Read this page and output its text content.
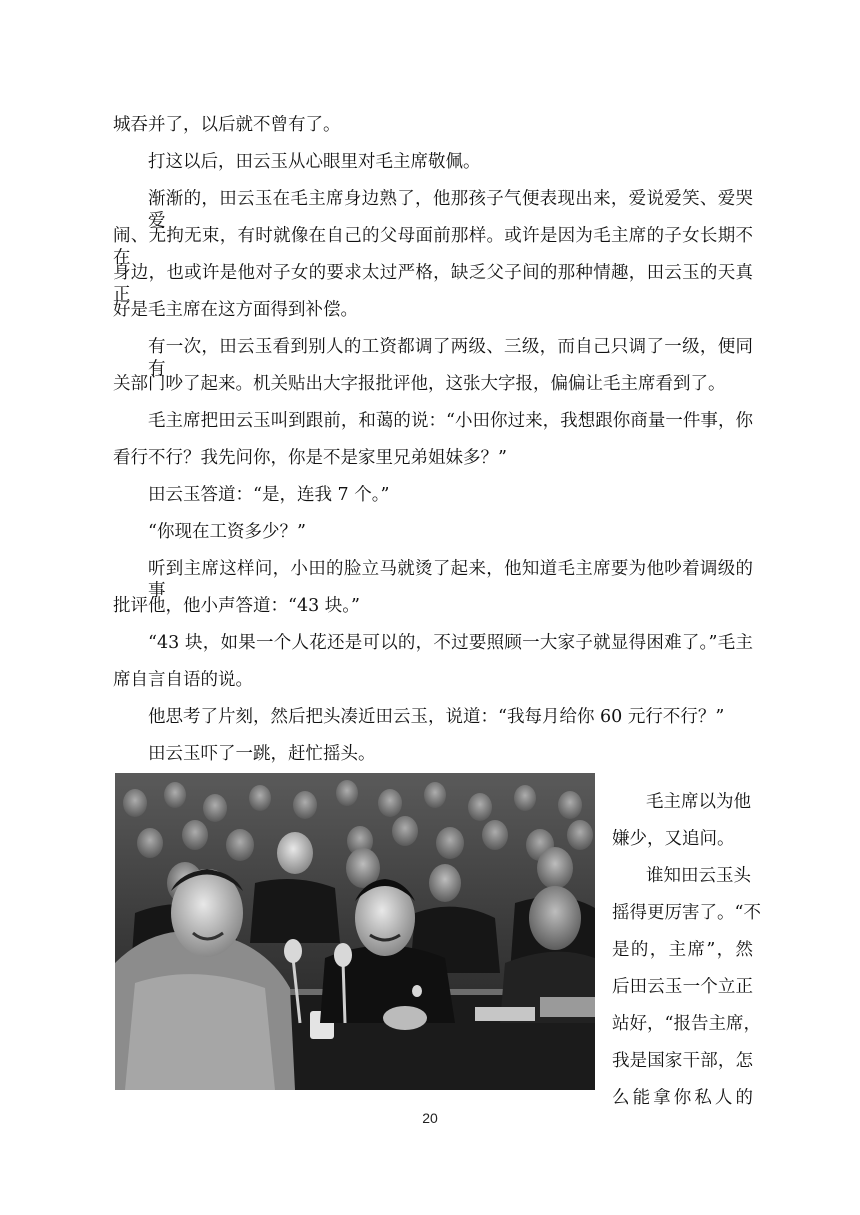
城吞并了，以后就不曾有了。
打这以后，田云玉从心眼里对毛主席敬佩。
渐渐的，田云玉在毛主席身边熟了，他那孩子气便表现出来，爱说爱笑、爱哭爱
闹、无拘无束，有时就像在自己的父母面前那样。或许是因为毛主席的子女长期不在
身边，也或许是他对子女的要求太过严格，缺乏父子间的那种情趣，田云玉的天真正
好是毛主席在这方面得到补偿。
有一次，田云玉看到别人的工资都调了两级、三级，而自己只调了一级，便同有
关部门吵了起来。机关贴出大字报批评他，这张大字报，偏偏让毛主席看到了。
毛主席把田云玉叫到跟前，和蔼的说：“小田你过来，我想跟你商量一件事，你
看行不行？我先问你，你是不是家里兄弟姐妹多？”
田云玉答道：“是，连我 7 个。”
“你现在工资多少？”
听到主席这样问，小田的脸立马就烫了起来，他知道毛主席要为他吵着调级的事
批评他，他小声答道：“43 块。”
“43 块，如果一个人花还是可以的，不过要照顾一大家子就显得困难了。”毛主
席自言自语的说。
他思考了片刻，然后把头凑近田云玉，说道：“我每月给你 60 元行不行？”
田云玉吓了一跳，赶忙摇头。
毛主席以为他
嫌少，又追问。
谁知田云玉头
摇得更厉害了。“不
是的，主席”，然
后田云玉一个立正
站好，“报告主席，
我是国家干部，怎
么能拿你私人的
20
